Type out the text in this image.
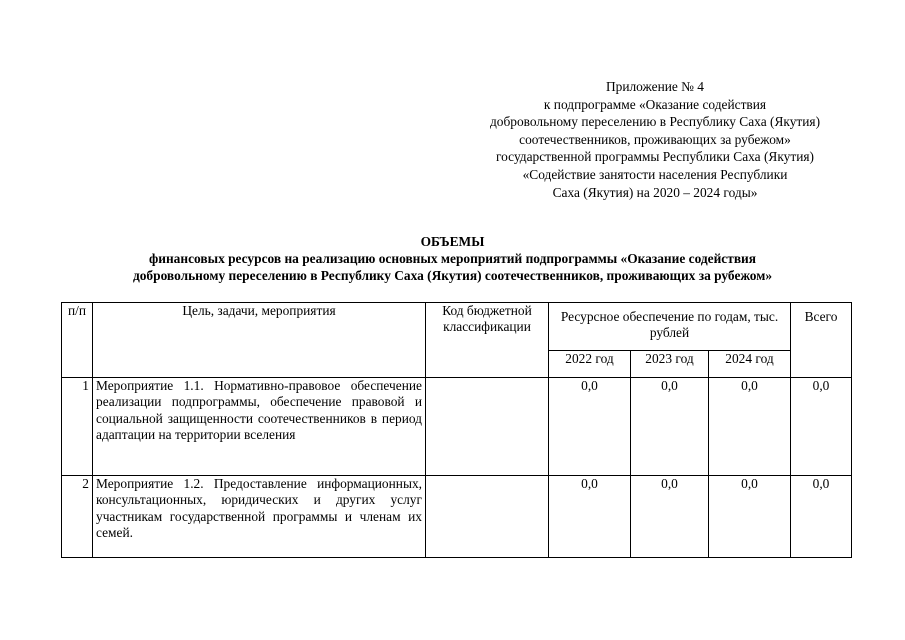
Приложение № 4
к подпрограмме «Оказание содействия
добровольному переселению в Республику Саха (Якутия)
соотечественников, проживающих за рубежом»
государственной программы Республики Саха (Якутия)
«Содействие занятости населения Республики
Саха (Якутия) на 2020 – 2024 годы»
ОБЪЕМЫ
финансовых ресурсов на реализацию основных мероприятий подпрограммы «Оказание содействия
добровольному переселению в Республику Саха (Якутия) соотечественников, проживающих за рубежом»
п/п	Цель, задачи, мероприятия	Код бюджетной классификации	Ресурсное обеспечение по годам, тыс. рублей			Всего
			2022 год	2023 год	2024 год	
1	Мероприятие 1.1. Нормативно-правовое обеспечение реализации подпрограммы, обеспечение правовой и социальной защищенности соотечественников в период адаптации на территории вселения		0,0	0,0	0,0	0,0
2	Мероприятие 1.2. Предоставление информационных, консультационных, юридических и других услуг участникам государственной программы и членам их семей.		0,0	0,0	0,0	0,0
